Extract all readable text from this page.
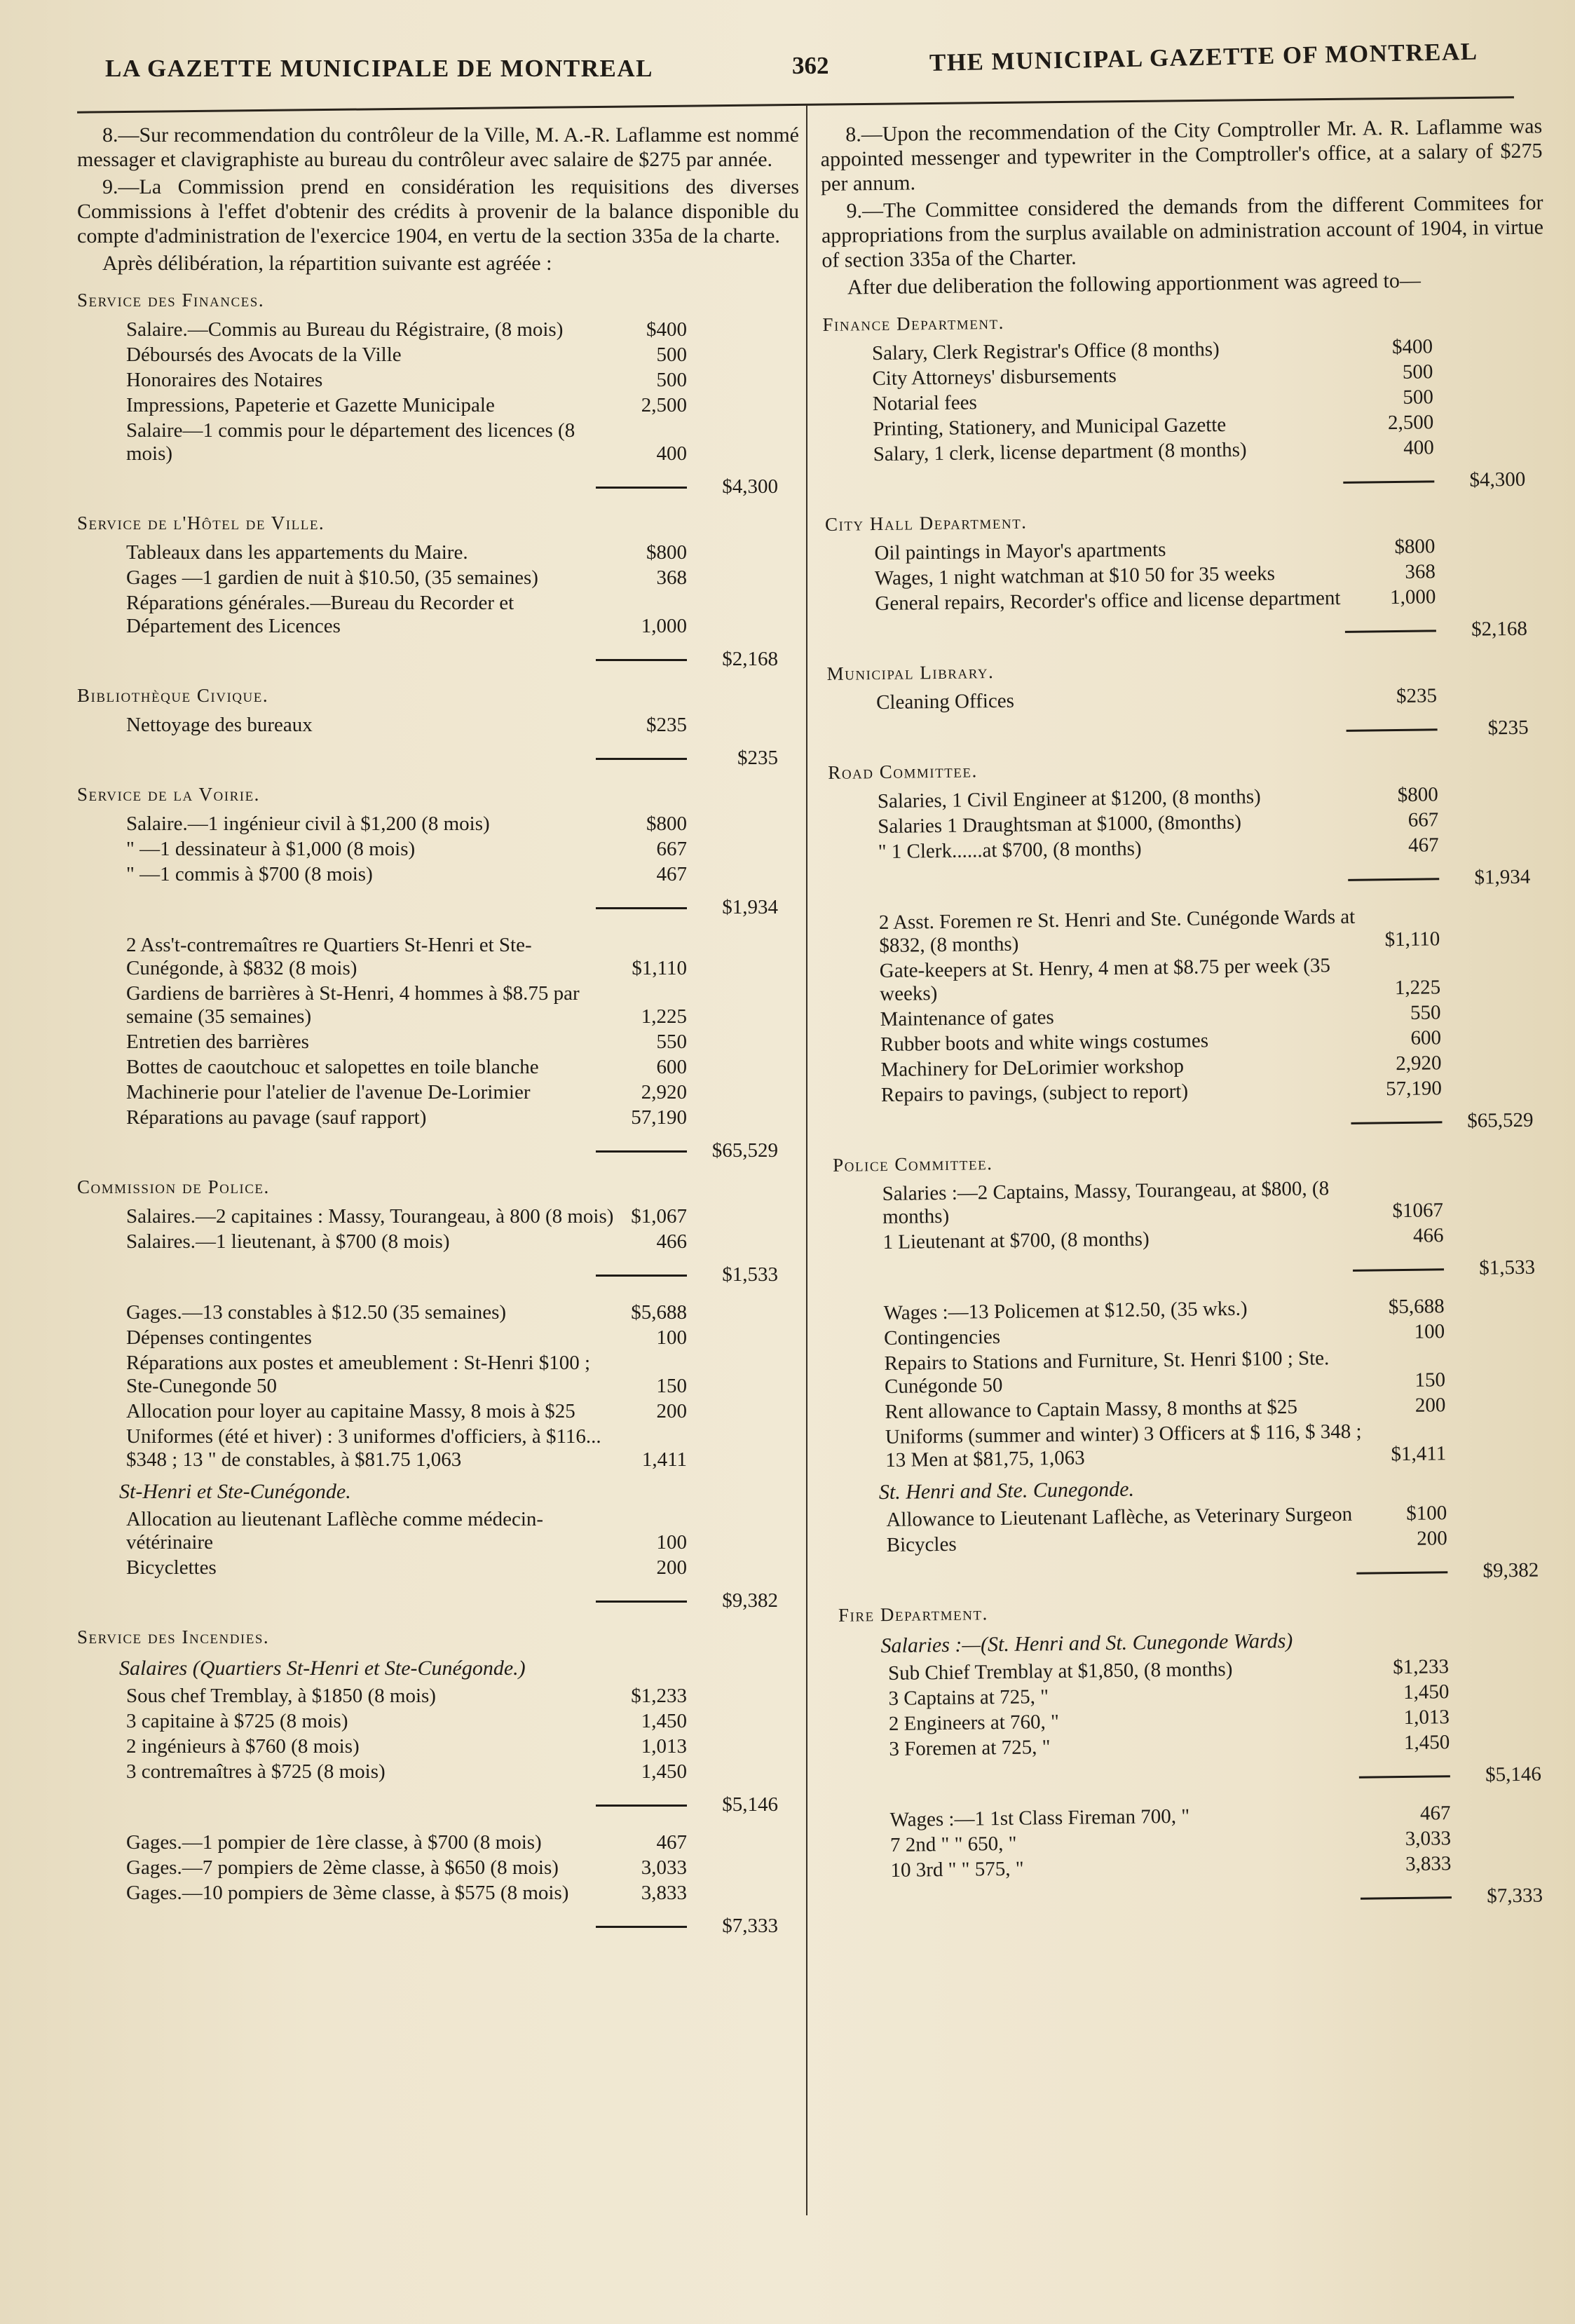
LA GAZETTE MUNICIPALE DE MONTREAL	362	THE MUNICIPAL GAZETTE OF MONTREAL

8.—Sur recommendation du contrôleur de la Ville, M. A.-R. Laflamme est nommé messager et clavigraphiste au bureau du contrôleur avec salaire de $275 par année.

9.—La Commission prend en considération les requisitions des diverses Commissions à l'effet d'obtenir des crédits à provenir de la balance disponible du compte d'administration de l'exercice 1904, en vertu de la section 335a de la charte.

Après délibération, la répartition suivante est agréée :

Service des Finances.
Salaire.—Commis au Bureau du Régistraire, (8 mois)	$400
Déboursés des Avocats de la Ville	500
Honoraires des Notaires	500
Impressions, Papeterie et Gazette Municipale	2,500
Salaire—1 commis pour le département des licences (8 mois)	400
$4,300
Service de l'Hôtel de Ville.
Tableaux dans les appartements du Maire.	$800
Gages —1 gardien de nuit à $10.50, (35 semaines)	368
Réparations générales.—Bureau du Recorder et Département des Licences	1,000
$2,168
Bibliothèque Civique.
Nettoyage des bureaux	$235
$235
Service de la Voirie.
Salaire.—1 ingénieur civil à $1,200 (8 mois)	$800
" —1 dessinateur à $1,000 (8 mois)	667
" —1 commis à $700 (8 mois)	467
$1,934
2 Ass't-contremaîtres re Quartiers St-Henri et Ste-Cunégonde, à $832 (8 mois)	$1,110
Gardiens de barrières à St-Henri, 4 hommes à $8.75 par semaine (35 semaines)	1,225
Entretien des barrières	550
Bottes de caoutchouc et salopettes en toile blanche	600
Machinerie pour l'atelier de l'avenue De-Lorimier	2,920
Réparations au pavage (sauf rapport)	57,190
$65,529
Commission de Police.
Salaires.—2 capitaines : Massy, Tourangeau, à 800 (8 mois) $1,067
Salaires.—1 lieutenant, à $700 (8 mois)	466
$1,533
Gages.—13 constables à $12.50 (35 semaines)	$5,688
Dépenses contingentes	100
Réparations aux postes et ameublement : St-Henri $100 ; Ste-Cunegonde 50	150
Allocation pour loyer au capitaine Massy, 8 mois à $25	200
Uniformes (été et hiver) : 3 uniformes d'officiers, à $116... $348 ; 13 " de constables, à $81.75 1,063	1,411
St-Henri et Ste-Cunégonde.
Allocation au lieutenant Laflèche comme médecin-vétérinaire	100
Bicyclettes	200
$9,382
Service des Incendies.
Salaires (Quartiers St-Henri et Ste-Cunégonde.)
Sous chef Tremblay, à $1850 (8 mois)	$1,233
3 capitaine à $725 (8 mois)	1,450
2 ingénieurs à $760 (8 mois)	1,013
3 contremaîtres à $725 (8 mois)	1,450
$5,146
Gages.—1 pompier de 1ère classe, à $700 (8 mois)	467
Gages.—7 pompiers de 2ème classe, à $650 (8 mois)	3,033
Gages.—10 pompiers de 3ème classe, à $575 (8 mois)	3,833
$7,333

8.—Upon the recommendation of the City Comptroller Mr. A. R. Laflamme was appointed messenger and typewriter in the Comptroller's office, at a salary of $275 per annum.

9.—The Committee considered the demands from the different Commitees for appropriations from the surplus available on administration account of 1904, in virtue of section 335a of the Charter.

After due deliberation the following apportionment was agreed to—

Finance Department.
Salary, Clerk Registrar's Office (8 months)	$400
City Attorneys' disbursements	500
Notarial fees	500
Printing, Stationery, and Municipal Gazette	2,500
Salary, 1 clerk, license department (8 months)	400
$4,300
City Hall Department.
Oil paintings in Mayor's apartments	$800
Wages, 1 night watchman at $10 50 for 35 weeks	368
General repairs, Recorder's office and license department	1,000
$2,168
Municipal Library.
Cleaning Offices	$235
$235
Road Committee.
Salaries, 1 Civil Engineer at $1200, (8 months)	$800
Salaries 1 Draughtsman at $1000, (8months)	667
" 1 Clerk......at $700, (8 months)	467
$1,934
2 Asst. Foremen re St. Henri and Ste. Cunégonde Wards at $832, (8 months)	$1,110
Gate-keepers at St. Henry, 4 men at $8.75 per week (35 weeks)	1,225
Maintenance of gates	550
Rubber boots and white wings costumes	600
Machinery for DeLorimier workshop	2,920
Repairs to pavings, (subject to report)	57,190
$65,529
Police Committee.
Salaries :—2 Captains, Massy, Tourangeau, at $800, (8 months)	$1067
1 Lieutenant at $700, (8 months)	466
$1,533
Wages :—13 Policemen at $12.50, (35 wks.)	$5,688
Contingencies	100
Repairs to Stations and Furniture, St. Henri $100 ; Ste. Cunégonde 50	150
Rent allowance to Captain Massy, 8 months at $25	200
Uniforms (summer and winter) 3 Officers at $ 116, $ 348 ; 13 Men at $81,75, 1,063	$1,411
St. Henri and Ste. Cunegonde.
Allowance to Lieutenant Laflèche, as Veterinary Surgeon	$100
Bicycles	200
$9,382
Fire Department.
Salaries :—(St. Henri and St. Cunegonde Wards)
Sub Chief Tremblay at $1,850, (8 months)	$1,233
3 Captains at 725, "	1,450
2 Engineers at 760, "	1,013
3 Foremen at 725, "	1,450
$5,146
Wages :—1 1st Class Fireman 700, "	467
7 2nd " " 650, "	3,033
10 3rd " " 575, "	3,833
$7,333
